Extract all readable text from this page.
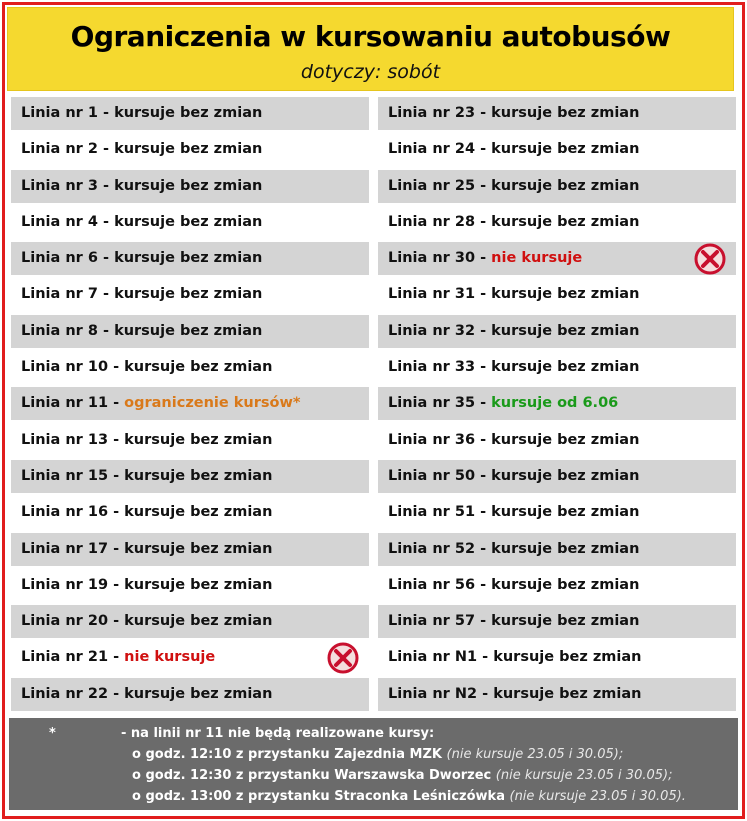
Ograniczenia w kursowaniu autobusów
dotyczy: sobót
Linia nr 1 - kursuje bez zmian
Linia nr 2 - kursuje bez zmian
Linia nr 3 - kursuje bez zmian
Linia nr 4 - kursuje bez zmian
Linia nr 6 - kursuje bez zmian
Linia nr 7 - kursuje bez zmian
Linia nr 8 - kursuje bez zmian
Linia nr 10 - kursuje bez zmian
Linia nr 11 - ograniczenie kursów*
Linia nr 13 - kursuje bez zmian
Linia nr 15 - kursuje bez zmian
Linia nr 16 - kursuje bez zmian
Linia nr 17 - kursuje bez zmian
Linia nr 19 - kursuje bez zmian
Linia nr 20 - kursuje bez zmian
Linia nr 21 - nie kursuje
Linia nr 22 - kursuje bez zmian
Linia nr 23 - kursuje bez zmian
Linia nr 24 - kursuje bez zmian
Linia nr 25 - kursuje bez zmian
Linia nr 28 - kursuje bez zmian
Linia nr 30 - nie kursuje
Linia nr 31 - kursuje bez zmian
Linia nr 32 - kursuje bez zmian
Linia nr 33 - kursuje bez zmian
Linia nr 35 - kursuje od 6.06
Linia nr 36 - kursuje bez zmian
Linia nr 50 - kursuje bez zmian
Linia nr 51 - kursuje bez zmian
Linia nr 52 - kursuje bez zmian
Linia nr 56 - kursuje bez zmian
Linia nr 57 - kursuje bez zmian
Linia nr N1 - kursuje bez zmian
Linia nr N2 - kursuje bez zmian
*	- na linii nr 11 nie będą realizowane kursy:
o godz. 12:10 z przystanku Zajezdnia MZK (nie kursuje 23.05 i 30.05);
o godz. 12:30 z przystanku Warszawska Dworzec (nie kursuje 23.05 i 30.05);
o godz. 13:00 z przystanku Straconka Leśniczówka (nie kursuje 23.05 i 30.05).
